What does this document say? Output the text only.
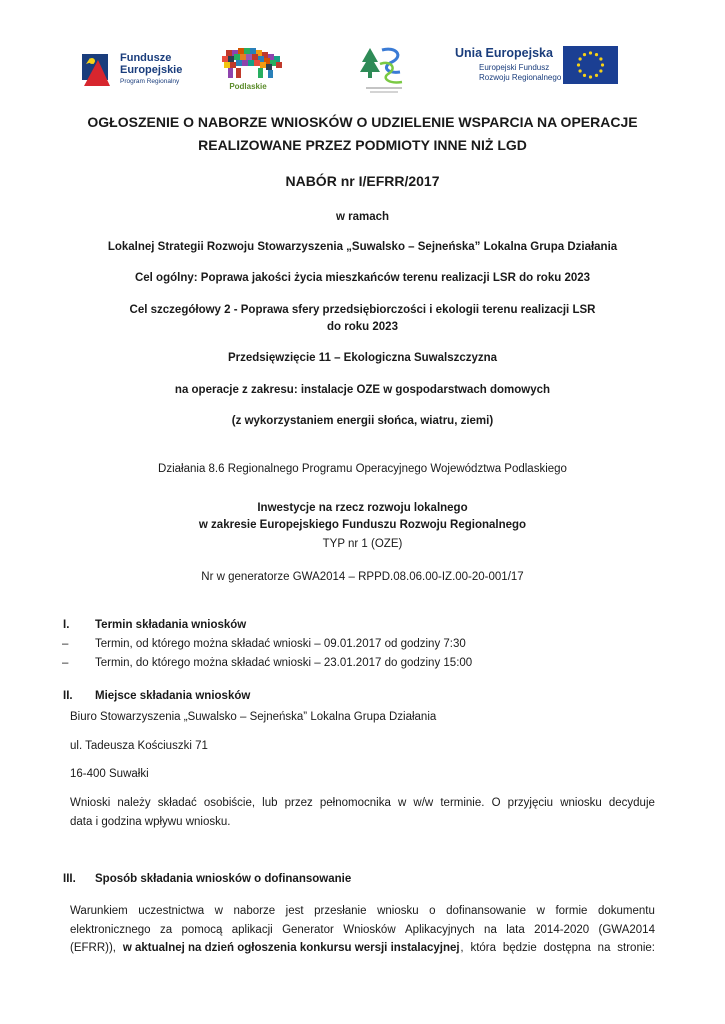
Fundusze
Europejskie
Program Regionalny
Podlaskie
Unia Europejska
Europejski Fundusz
Rozwoju Regionalnego
OGŁOSZENIE O NABORZE WNIOSKÓW O UDZIELENIE WSPARCIA NA OPERACJE
REALIZOWANE PRZEZ PODMIOTY INNE NIŻ LGD
NABÓR nr I/EFRR/2017
w ramach
Lokalnej Strategii Rozwoju Stowarzyszenia „Suwalsko – Sejneńska” Lokalna Grupa Działania
Cel ogólny: Poprawa jakości życia mieszkańców terenu realizacji LSR do roku 2023
Cel szczegółowy 2 - Poprawa sfery przedsiębiorczości i ekologii terenu realizacji LSR
do roku 2023
Przedsięwzięcie 11 – Ekologiczna Suwalszczyzna
na operacje z zakresu: instalacje OZE w gospodarstwach domowych
(z wykorzystaniem energii słońca, wiatru, ziemi)
Działania 8.6 Regionalnego Programu Operacyjnego Województwa Podlaskiego
Inwestycje na rzecz rozwoju lokalnego
w zakresie Europejskiego Funduszu Rozwoju Regionalnego
TYP nr 1 (OZE)
Nr w generatorze GWA2014 – RPPD.08.06.00-IZ.00-20-001/17
I. Termin składania wniosków
– Termin, od którego można składać wnioski – 09.01.2017 od godziny 7:30
– Termin, do którego można składać wnioski – 23.01.2017 do godziny 15:00
II. Miejsce składania wniosków
Biuro Stowarzyszenia „Suwalsko – Sejneńska” Lokalna Grupa Działania
ul. Tadeusza Kościuszki 71
16-400 Suwałki
Wnioski należy składać osobiście, lub przez pełnomocnika w w/w terminie. O przyjęciu wniosku decyduje
data i godzina wpływu wniosku.
III. Sposób składania wniosków o dofinansowanie
Warunkiem uczestnictwa w naborze jest przesłanie wniosku o dofinansowanie w formie dokumentu
elektronicznego za pomocą aplikacji Generator Wniosków Aplikacyjnych na lata 2014-2020 (GWA2014
(EFRR)), w aktualnej na dzień ogłoszenia konkursu wersji instalacyjnej , która będzie dostępna na stronie:
